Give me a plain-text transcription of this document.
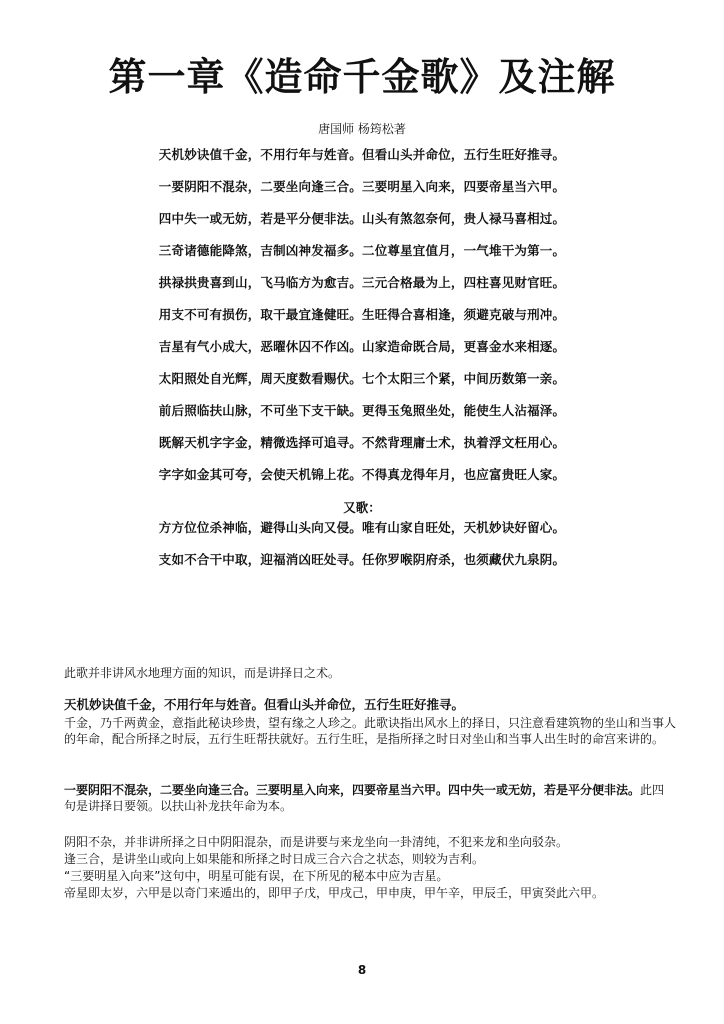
第一章《造命千金歌》及注解
唐国师 杨筠松著
天机妙诀值千金，不用行年与姓音。但看山头并命位，五行生旺好推寻。
一要阴阳不混杂，二要坐向逢三合。三要明星入向来，四要帝星当六甲。
四中失一或无妨，若是平分便非法。山头有煞忽奈何，贵人禄马喜相过。
三奇诸德能降煞，吉制凶神发福多。二位尊星宜值月，一气堆干为第一。
拱禄拱贵喜到山，飞马临方为愈吉。三元合格最为上，四柱喜见财官旺。
用支不可有损伤，取干最宜逢健旺。生旺得合喜相逢，须避克破与刑冲。
吉星有气小成大，恶曜休囚不作凶。山家造命既合局，更喜金水来相逐。
太阳照处自光辉，周天度数看赐伏。七个太阳三个紧，中间历数第一亲。
前后照临扶山脉，不可坐下支干缺。更得玉兔照坐处，能使生人沾福泽。
既解天机字字金，精微选择可追寻。不然背理庸士术，执着浮文枉用心。
字字如金其可夸，会使天机锦上花。不得真龙得年月，也应富贵旺人家。
又歌：
方方位位杀神临，避得山头向又侵。唯有山家自旺处，天机妙诀好留心。
支如不合干中取，迎福消凶旺处寻。任你罗喉阴府杀，也须藏伏九泉阴。
此歌并非讲风水地理方面的知识，而是讲择日之术。
天机妙诀值千金，不用行年与姓音。但看山头并命位，五行生旺好推寻。
千金，乃千两黄金，意指此秘诀珍贵，望有缘之人珍之。此歌诀指出风水上的择日，只注意看建筑物的坐山和当事人的年命，配合所择之时辰，五行生旺帮扶就好。五行生旺，是指所择之时日对坐山和当事人出生时的命宫来讲的。
一要阴阳不混杂，二要坐向逢三合。三要明星入向来，四要帝星当六甲。四中失一或无妨，若是平分便非法。此四句是讲择日要领。以扶山补龙扶年命为本。
阴阳不杂，并非讲所择之日中阴阳混杂，而是讲要与来龙坐向一卦清纯，不犯来龙和坐向驳杂。
逢三合，是讲坐山或向上如果能和所择之时日成三合六合之状态，则较为吉利。
“三要明星入向来”这句中，明星可能有误，在下所见的秘本中应为吉星。
帝星即太岁，六甲是以奇门来遁出的，即甲子戊，甲戌己，甲申庚，甲午辛，甲辰壬，甲寅癸此六甲。
8
